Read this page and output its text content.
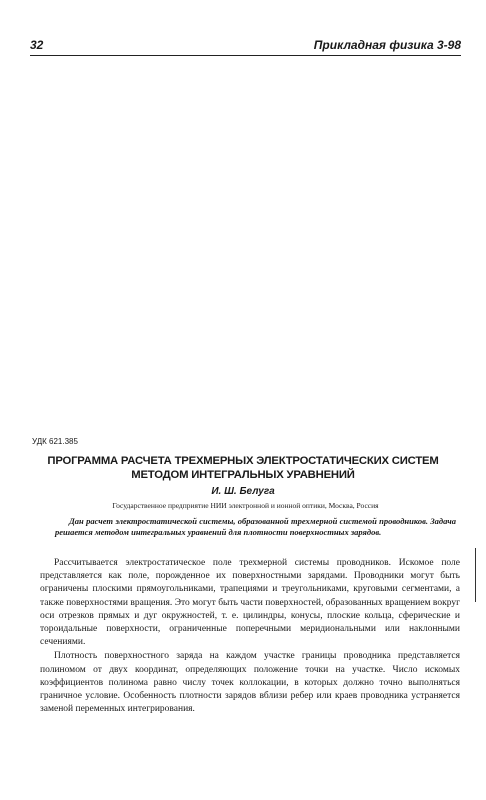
32	Прикладная физика 3-98
УДК 621.385
ПРОГРАММА РАСЧЕТА ТРЕХМЕРНЫХ ЭЛЕКТРОСТАТИЧЕСКИХ СИСТЕМ МЕТОДОМ ИНТЕГРАЛЬНЫХ УРАВНЕНИЙ
И. Ш. Белуга
Государственное предприятие НИИ электронной и ионной оптики, Москва, Россия
Дан расчет электростатической системы, образованной трехмерной системой проводников. Задача решается методом интегральных уравнений для плотности поверхностных зарядов.

Рассчитывается электростатическое поле трехмерной системы проводников. Искомое поле представляется как поле, порожденное их поверхностными зарядами. Проводники могут быть ограничены плоскими прямоугольниками, трапециями и треугольниками, круговыми сегментами, а также поверхностями вращения. Это могут быть части поверхностей, образованных вращением вокруг оси отрезков прямых и дуг окружностей, т. е. цилиндры, конусы, плоские кольца, сферические и тороидальные поверхности, ограниченные поперечными меридиональными или наклонными сечениями.

Плотность поверхностного заряда на каждом участке границы проводника представляется полиномом от двух координат, определяющих положение точки на участке. Число искомых коэффициентов полинома равно числу точек коллокации, в которых должно точно выполняться граничное условие. Особенность плотности зарядов вблизи ребер или краев проводника устраняется заменой переменных интегрирования.
